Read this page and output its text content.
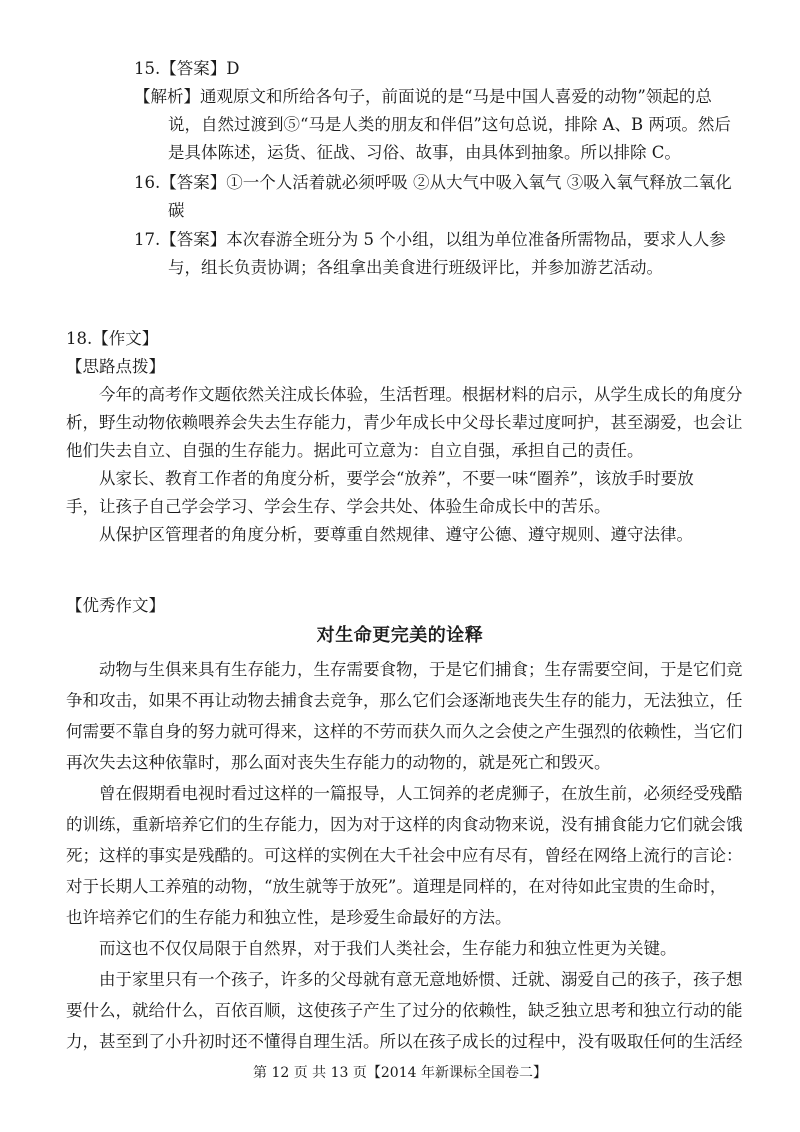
15.【答案】D
【解析】通观原文和所给各句子，前面说的是“马是中国人喜爱的动物”领起的总
说，自然过渡到⑤“马是人类的朋友和伴侣”这句总说，排除 A、B 两项。然后
是具体陈述，运货、征战、习俗、故事，由具体到抽象。所以排除 C。
16.【答案】①一个人活着就必须呼吸 ②从大气中吸入氧气 ③吸入氧气释放二氧化
碳
17.【答案】本次春游全班分为 5 个小组，以组为单位准备所需物品，要求人人参
与，组长负责协调；各组拿出美食进行班级评比，并参加游艺活动。
18.【作文】
【思路点拨】
今年的高考作文题依然关注成长体验，生活哲理。根据材料的启示，从学生成长的角度分
析，野生动物依赖喂养会失去生存能力，青少年成长中父母长辈过度呵护，甚至溺爱，也会让
他们失去自立、自强的生存能力。据此可立意为：自立自强，承担自己的责任。
从家长、教育工作者的角度分析，要学会“放养”，不要一味“圈养”，该放手时要放
手，让孩子自己学会学习、学会生存、学会共处、体验生命成长中的苦乐。
从保护区管理者的角度分析，要尊重自然规律、遵守公德、遵守规则、遵守法律。
【优秀作文】
对生命更完美的诠释
动物与生俱来具有生存能力，生存需要食物，于是它们捕食；生存需要空间，于是它们竞
争和攻击，如果不再让动物去捕食去竞争，那么它们会逐渐地丧失生存的能力，无法独立，任
何需要不靠自身的努力就可得来，这样的不劳而获久而久之会使之产生强烈的依赖性，当它们
再次失去这种依靠时，那么面对丧失生存能力的动物的，就是死亡和毁灭。
曾在假期看电视时看过这样的一篇报导，人工饲养的老虎狮子，在放生前，必须经受残酷
的训练，重新培养它们的生存能力，因为对于这样的肉食动物来说，没有捕食能力它们就会饿
死；这样的事实是残酷的。可这样的实例在大千社会中应有尽有，曾经在网络上流行的言论：
对于长期人工养殖的动物，“放生就等于放死”。道理是同样的，在对待如此宝贵的生命时，
也许培养它们的生存能力和独立性，是珍爱生命最好的方法。
而这也不仅仅局限于自然界，对于我们人类社会，生存能力和独立性更为关键。
由于家里只有一个孩子，许多的父母就有意无意地娇惯、迁就、溺爱自己的孩子，孩子想
要什么，就给什么，百依百顺，这使孩子产生了过分的依赖性，缺乏独立思考和独立行动的能
力，甚至到了小升初时还不懂得自理生活。所以在孩子成长的过程中，没有吸取任何的生活经
第 12 页 共 13 页【2014 年新课标全国卷二】
